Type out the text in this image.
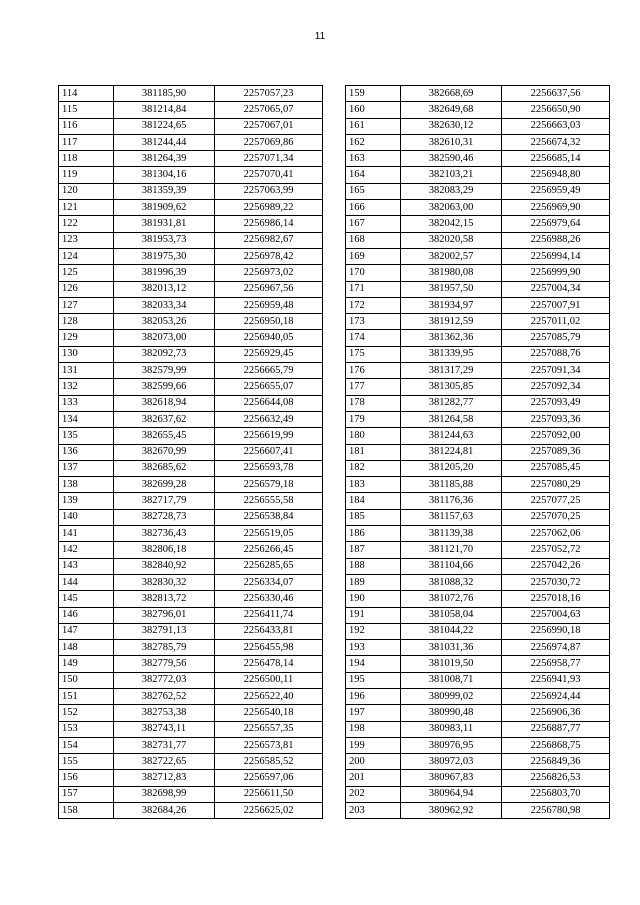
11
114	381185,90	2257057,23
115	381214,84	2257065,07
116	381224,65	2257067,01
117	381244,44	2257069,86
118	381264,39	2257071,34
119	381304,16	2257070,41
120	381359,39	2257063,99
121	381909,62	2256989,22
122	381931,81	2256986,14
123	381953,73	2256982,67
124	381975,30	2256978,42
125	381996,39	2256973,02
126	382013,12	2256967,56
127	382033,34	2256959,48
128	382053,26	2256950,18
129	382073,00	2256940,05
130	382092,73	2256929,45
131	382579,99	2256665,79
132	382599,66	2256655,07
133	382618,94	2256644,08
134	382637,62	2256632,49
135	382655,45	2256619,99
136	382670,99	2256607,41
137	382685,62	2256593,78
138	382699,28	2256579,18
139	382717,79	2256555,58
140	382728,73	2256538,84
141	382736,43	2256519,05
142	382806,18	2256266,45
143	382840,92	2256285,65
144	382830,32	2256334,07
145	382813,72	2256330,46
146	382796,01	2256411,74
147	382791,13	2256433,81
148	382785,79	2256455,98
149	382779,56	2256478,14
150	382772,03	2256500,11
151	382762,52	2256522,40
152	382753,38	2256540,18
153	382743,11	2256557,35
154	382731,77	2256573,81
155	382722,65	2256585,52
156	382712,83	2256597,06
157	382698,99	2256611,50
158	382684,26	2256625,02
159	382668,69	2256637,56
160	382649,68	2256650,90
161	382630,12	2256663,03
162	382610,31	2256674,32
163	382590,46	2256685,14
164	382103,21	2256948,80
165	382083,29	2256959,49
166	382063,00	2256969,90
167	382042,15	2256979,64
168	382020,58	2256988,26
169	382002,57	2256994,14
170	381980,08	2256999,90
171	381957,50	2257004,34
172	381934,97	2257007,91
173	381912,59	2257011,02
174	381362,36	2257085,79
175	381339,95	2257088,76
176	381317,29	2257091,34
177	381305,85	2257092,34
178	381282,77	2257093,49
179	381264,58	2257093,36
180	381244,63	2257092,00
181	381224,81	2257089,36
182	381205,20	2257085,45
183	381185,88	2257080,29
184	381176,36	2257077,25
185	381157,63	2257070,25
186	381139,38	2257062,06
187	381121,70	2257052,72
188	381104,66	2257042,26
189	381088,32	2257030,72
190	381072,76	2257018,16
191	381058,04	2257004,63
192	381044,22	2256990,18
193	381031,36	2256974,87
194	381019,50	2256958,77
195	381008,71	2256941,93
196	380999,02	2256924,44
197	380990,48	2256906,36
198	380983,11	2256887,77
199	380976,95	2256868,75
200	380972,03	2256849,36
201	380967,83	2256826,53
202	380964,94	2256803,70
203	380962,92	2256780,98
